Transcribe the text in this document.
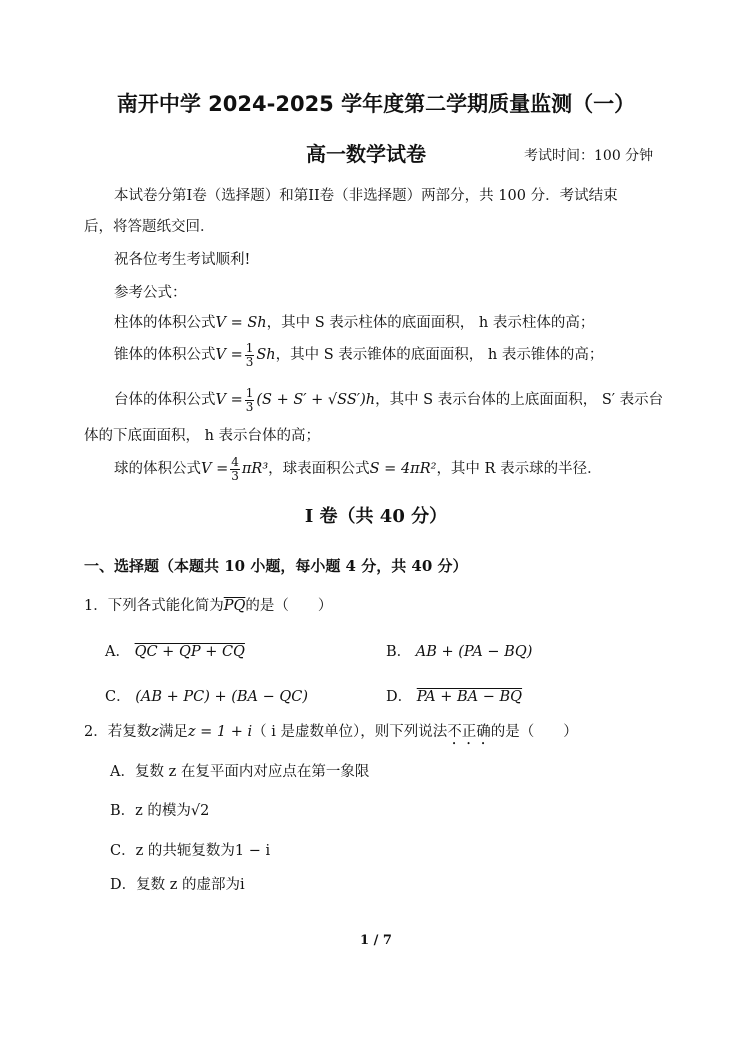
南开中学 2024-2025 学年度第二学期质量监测（一）
高一数学试卷	考试时间：100 分钟
本试卷分第I卷（选择题）和第II卷（非选择题）两部分，共 100 分．考试结束
后，将答题纸交回．
祝各位考生考试顺利!
参考公式：
柱体的体积公式V = Sh，其中 S 表示柱体的底面面积， h 表示柱体的高；
锥体的体积公式$V = \frac{1}{3}$ Sh，其中 S 表示锥体的底面面积， h 表示锥体的高；
台体的体积公式$V = \frac{1}{3} (S + S' + √SS')h$，其中 S 表示台体的上底面面积， S′ 表示台
体的下底面面积， h 表示台体的高；
球的体积公式$V = \frac{4}{3} \pi R^3$，球表面积公式S = 4πR²，其中 R 表示球的半径．
I 卷（共 40 分）
一、选择题（本题共 10 小题，每小题 4 分，共 40 分）
1．下列各式能化简为$\overline{PQ}$的是（　　）
A． QC + QP + CQ	B． AB + (PA − BQ)
C． (AB + PC) + (BA − QC)	D． PA + BA − BQ
2．若复数z满足z = 1 + i（ i 是虚数单位），则下列说法不正确的是（　　）
A．复数 z 在复平面内对应点在第一象限
B．z 的模为√2
C．z 的共轭复数为1 − i
D．复数 z 的虚部为i
1 / 7
